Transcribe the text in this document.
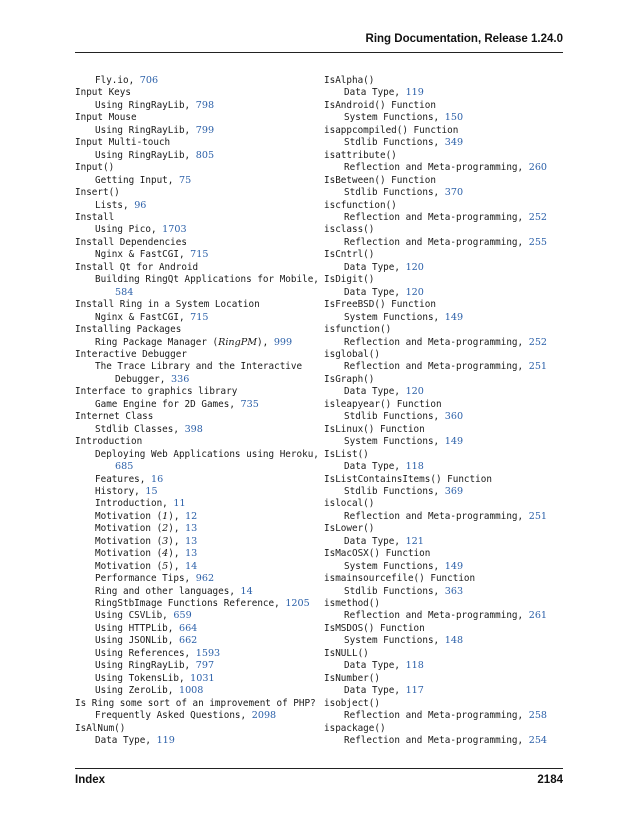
Ring Documentation, Release 1.24.0
Fly.io, 706
Input Keys
Using RingRayLib, 798
Input Mouse
Using RingRayLib, 799
Input Multi-touch
Using RingRayLib, 805
Input()
Getting Input, 75
Insert()
Lists, 96
Install
Using Pico, 1703
Install Dependencies
Nginx & FastCGI, 715
Install Qt for Android
Building RingQt Applications for Mobile, 584
Install Ring in a System Location
Nginx & FastCGI, 715
Installing Packages
Ring Package Manager (RingPM), 999
Interactive Debugger
The Trace Library and the Interactive Debugger, 336
Interface to graphics library
Game Engine for 2D Games, 735
Internet Class
Stdlib Classes, 398
Introduction
Deploying Web Applications using Heroku, 685
Features, 16
History, 15
Introduction, 11
Motivation (1), 12
Motivation (2), 13
Motivation (3), 13
Motivation (4), 13
Motivation (5), 14
Performance Tips, 962
Ring and other languages, 14
RingStbImage Functions Reference, 1205
Using CSVLib, 659
Using HTTPLib, 664
Using JSONLib, 662
Using References, 1593
Using RingRayLib, 797
Using TokensLib, 1031
Using ZeroLib, 1008
Is Ring some sort of an improvement of PHP?
Frequently Asked Questions, 2098
IsAlNum()
Data Type, 119
IsAlpha()
Data Type, 119
IsAndroid() Function
System Functions, 150
isappcompiled() Function
Stdlib Functions, 349
isattribute()
Reflection and Meta-programming, 260
IsBetween() Function
Stdlib Functions, 370
iscfunction()
Reflection and Meta-programming, 252
isclass()
Reflection and Meta-programming, 255
IsCntrl()
Data Type, 120
IsDigit()
Data Type, 120
IsFreeBSD() Function
System Functions, 149
isfunction()
Reflection and Meta-programming, 252
isglobal()
Reflection and Meta-programming, 251
IsGraph()
Data Type, 120
isleapyear() Function
Stdlib Functions, 360
IsLinux() Function
System Functions, 149
IsList()
Data Type, 118
IsListContainsItems() Function
Stdlib Functions, 369
islocal()
Reflection and Meta-programming, 251
IsLower()
Data Type, 121
IsMacOSX() Function
System Functions, 149
ismainsourcefile() Function
Stdlib Functions, 363
ismethod()
Reflection and Meta-programming, 261
IsMSDOS() Function
System Functions, 148
IsNULL()
Data Type, 118
IsNumber()
Data Type, 117
isobject()
Reflection and Meta-programming, 258
ispackage()
Reflection and Meta-programming, 254
Index	2184
